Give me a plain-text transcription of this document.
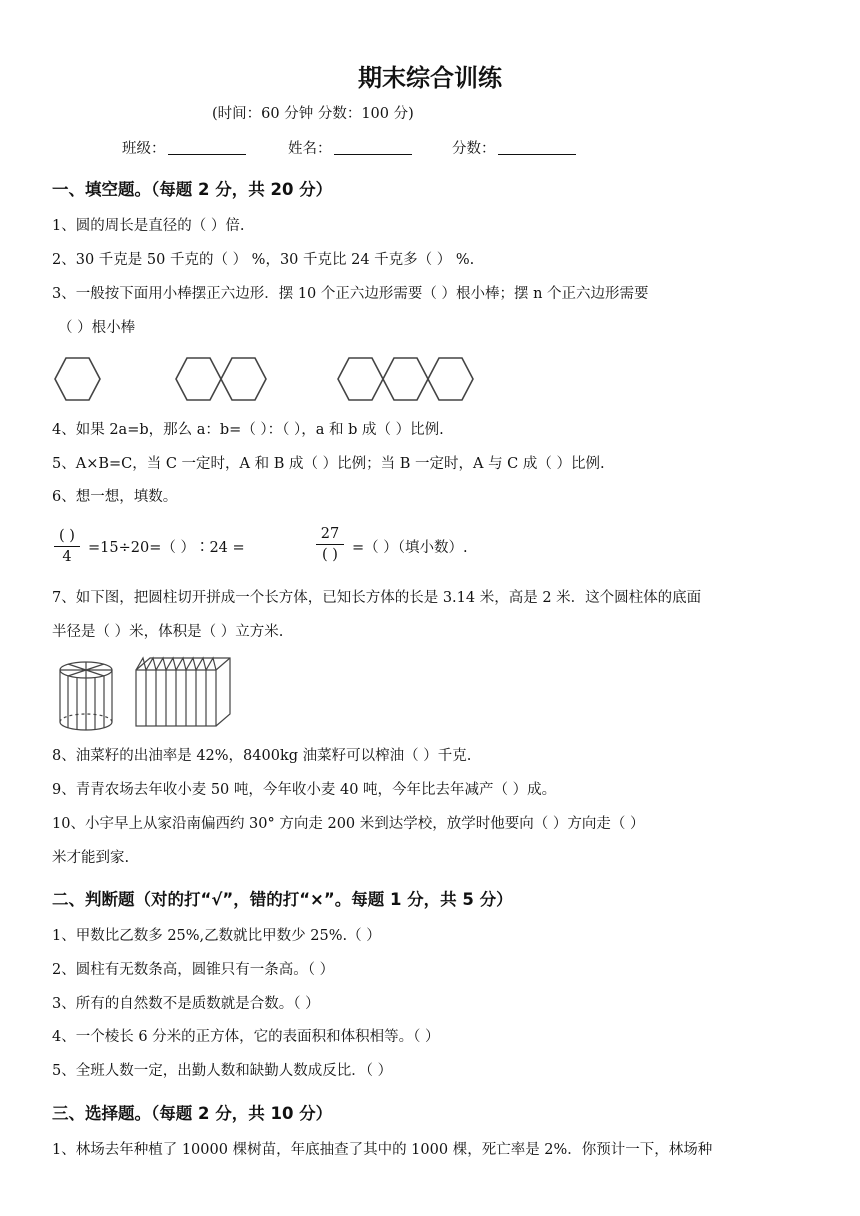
期末综合训练
(时间：60 分钟 分数：100 分)
班级：	姓名：	分数：
一、填空题。（每题 2 分，共 20 分）
1、圆的周长是直径的（ ）倍.
2、30 千克是 50 千克的（ ） %，30 千克比 24 千克多（ ） %.
3、一般按下面用小棒摆正六边形．摆 10 个正六边形需要（ ）根小棒；摆 n 个正六边形需要
（ ）根小棒
4、如果 2a=b，那么 a：b=（ ）：（ ），a 和 b 成（ ）比例.
5、A×B=C，当 C 一定时，A 和 B 成（ ）比例；当 B 一定时，A 与 C 成（ ）比例.
6、想一想，填数。
( )
4
=15÷20=（ ）∶24 =
27
( ) =（ ）（填小数）.
7、如下图，把圆柱切开拼成一个长方体，已知长方体的长是 3.14 米，高是 2 米．这个圆柱体的底面
半径是（ ）米，体积是（ ）立方米.
8、油菜籽的出油率是 42%，8400kg 油菜籽可以榨油（ ）千克.
9、青青农场去年收小麦 50 吨，今年收小麦 40 吨，今年比去年减产（ ）成。
10、小宇早上从家沿南偏西约 30° 方向走 200 米到达学校，放学时他要向（ ）方向走（ ）
米才能到家.
二、判断题（对的打“√”，错的打“×”。每题 1 分，共 5 分）
1、甲数比乙数多 25%,乙数就比甲数少 25%.（ ）
2、圆柱有无数条高，圆锥只有一条高。（ ）
3、所有的自然数不是质数就是合数。（ ）
4、一个棱长 6 分米的正方体，它的表面积和体积相等。（ ）
5、全班人数一定，出勤人数和缺勤人数成反比．（ ）
三、选择题。（每题 2 分，共 10 分）
1、林场去年种植了 10000 棵树苗，年底抽查了其中的 1000 棵，死亡率是 2%．你预计一下，林场种
